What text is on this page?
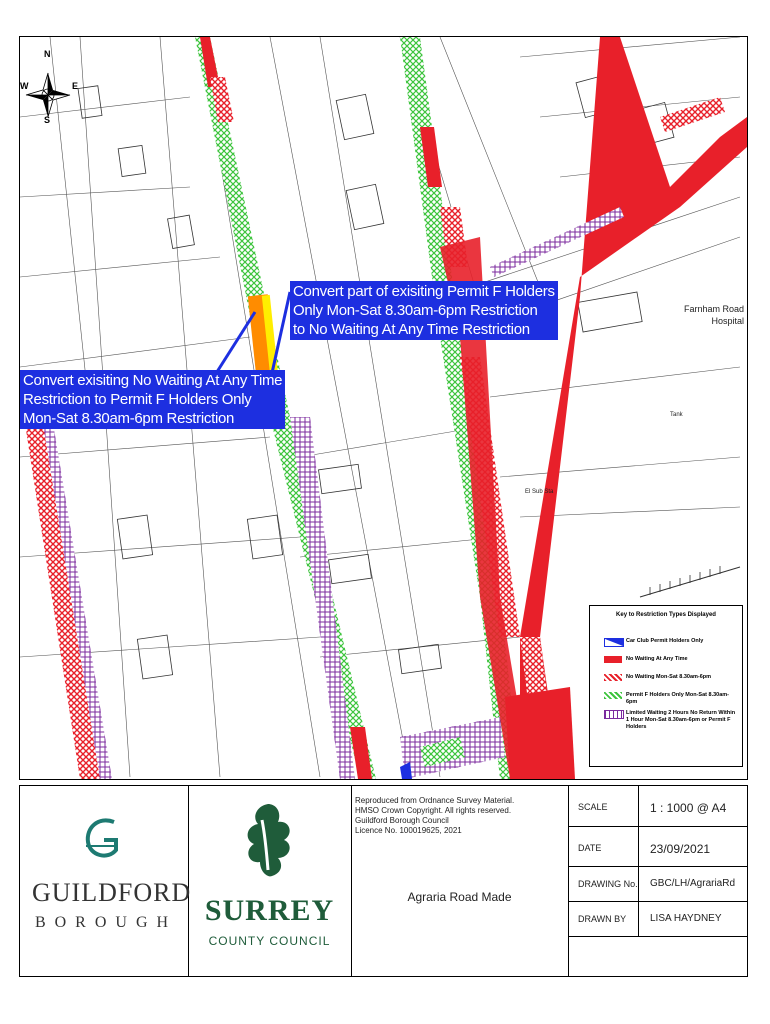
N
S
E
W
Convert part of exisiting Permit F Holders
Only Mon-Sat 8.30am-6pm Restriction
to No Waiting At Any Time Restriction
Convert exisiting No Waiting At Any Time
Restriction to Permit F Holders Only
Mon-Sat 8.30am-6pm Restriction
Farnham Road
Hospital
Tank
El Sub Sta
Key to Restriction Types Displayed
Car Club Permit Holders Only
No Waiting At Any Time
No Waiting Mon-Sat 8.30am-6pm
Permit F Holders Only Mon-Sat 8.30am-6pm
Limited Waiting 2 Hours No Return Within 1 Hour Mon-Sat 8.30am-6pm or Permit F Holders
GUILDFORD
BOROUGH SURREY
COUNTY COUNCIL
Reproduced from Ordnance Survey Material.
HMSO Crown Copyright. All rights reserved.
Guildford Borough Council
Licence No. 100019625, 2021
Agraria Road Made
SCALE	1 : 1000 @ A4
DATE	23/09/2021
DRAWING No. GBC/LH/AgrariaRd
DRAWN BY LISA HAYDNEY
